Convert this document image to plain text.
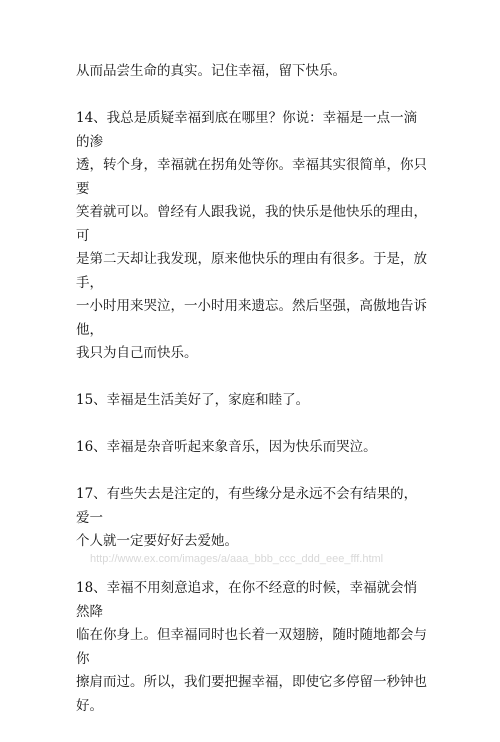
从而品尝生命的真实。记住幸福，留下快乐。

14、我总是质疑幸福到底在哪里？你说：幸福是一点一滴的渗
透，转个身，幸福就在拐角处等你。幸福其实很简单，你只要
笑着就可以。曾经有人跟我说，我的快乐是他快乐的理由，可
是第二天却让我发现，原来他快乐的理由有很多。于是，放手，
一小时用来哭泣，一小时用来遗忘。然后坚强，高傲地告诉他，
我只为自己而快乐。

15、幸福是生活美好了，家庭和睦了。

16、幸福是杂音听起来象音乐，因为快乐而哭泣。

17、有些失去是注定的，有些缘分是永远不会有结果的，爱一
个人就一定要好好去爱她。

18、幸福不用刻意追求，在你不经意的时候，幸福就会悄然降
临在你身上。但幸福同时也长着一双翅膀，随时随地都会与你
擦肩而过。所以，我们要把握幸福，即使它多停留一秒钟也好。

http://www.ex.com/images/a/aaa_bbb_ccc_ddd_eee_fff.html
